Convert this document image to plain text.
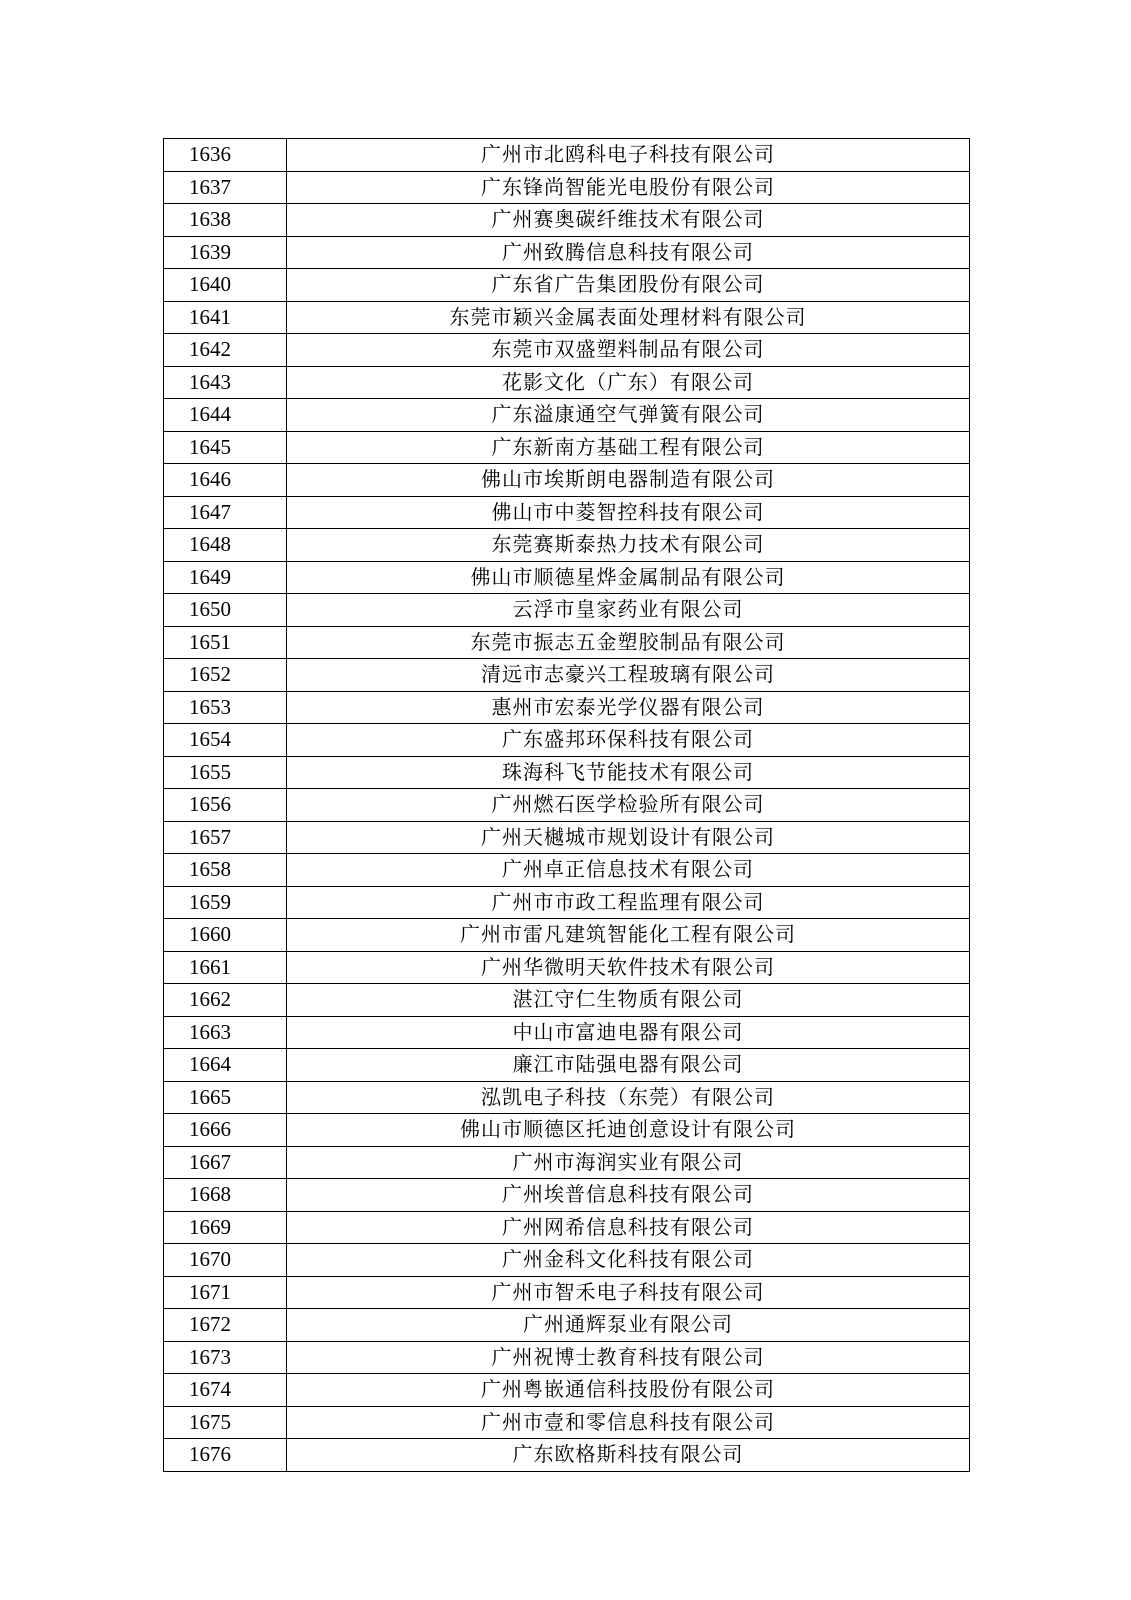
1636	广州市北鸥科电子科技有限公司
1637	广东锋尚智能光电股份有限公司
1638	广州赛奥碳纤维技术有限公司
1639	广州致腾信息科技有限公司
1640	广东省广告集团股份有限公司
1641	东莞市颖兴金属表面处理材料有限公司
1642	东莞市双盛塑料制品有限公司
1643	花影文化（广东）有限公司
1644	广东溢康通空气弹簧有限公司
1645	广东新南方基础工程有限公司
1646	佛山市埃斯朗电器制造有限公司
1647	佛山市中菱智控科技有限公司
1648	东莞赛斯泰热力技术有限公司
1649	佛山市顺德星烨金属制品有限公司
1650	云浮市皇家药业有限公司
1651	东莞市振志五金塑胶制品有限公司
1652	清远市志豪兴工程玻璃有限公司
1653	惠州市宏泰光学仪器有限公司
1654	广东盛邦环保科技有限公司
1655	珠海科飞节能技术有限公司
1656	广州燃石医学检验所有限公司
1657	广州天樾城市规划设计有限公司
1658	广州卓正信息技术有限公司
1659	广州市市政工程监理有限公司
1660	广州市雷凡建筑智能化工程有限公司
1661	广州华微明天软件技术有限公司
1662	湛江守仁生物质有限公司
1663	中山市富迪电器有限公司
1664	廉江市陆强电器有限公司
1665	泓凯电子科技（东莞）有限公司
1666	佛山市顺德区托迪创意设计有限公司
1667	广州市海润实业有限公司
1668	广州埃普信息科技有限公司
1669	广州网希信息科技有限公司
1670	广州金科文化科技有限公司
1671	广州市智禾电子科技有限公司
1672	广州通辉泵业有限公司
1673	广州祝博士教育科技有限公司
1674	广州粤嵌通信科技股份有限公司
1675	广州市壹和零信息科技有限公司
1676	广东欧格斯科技有限公司
